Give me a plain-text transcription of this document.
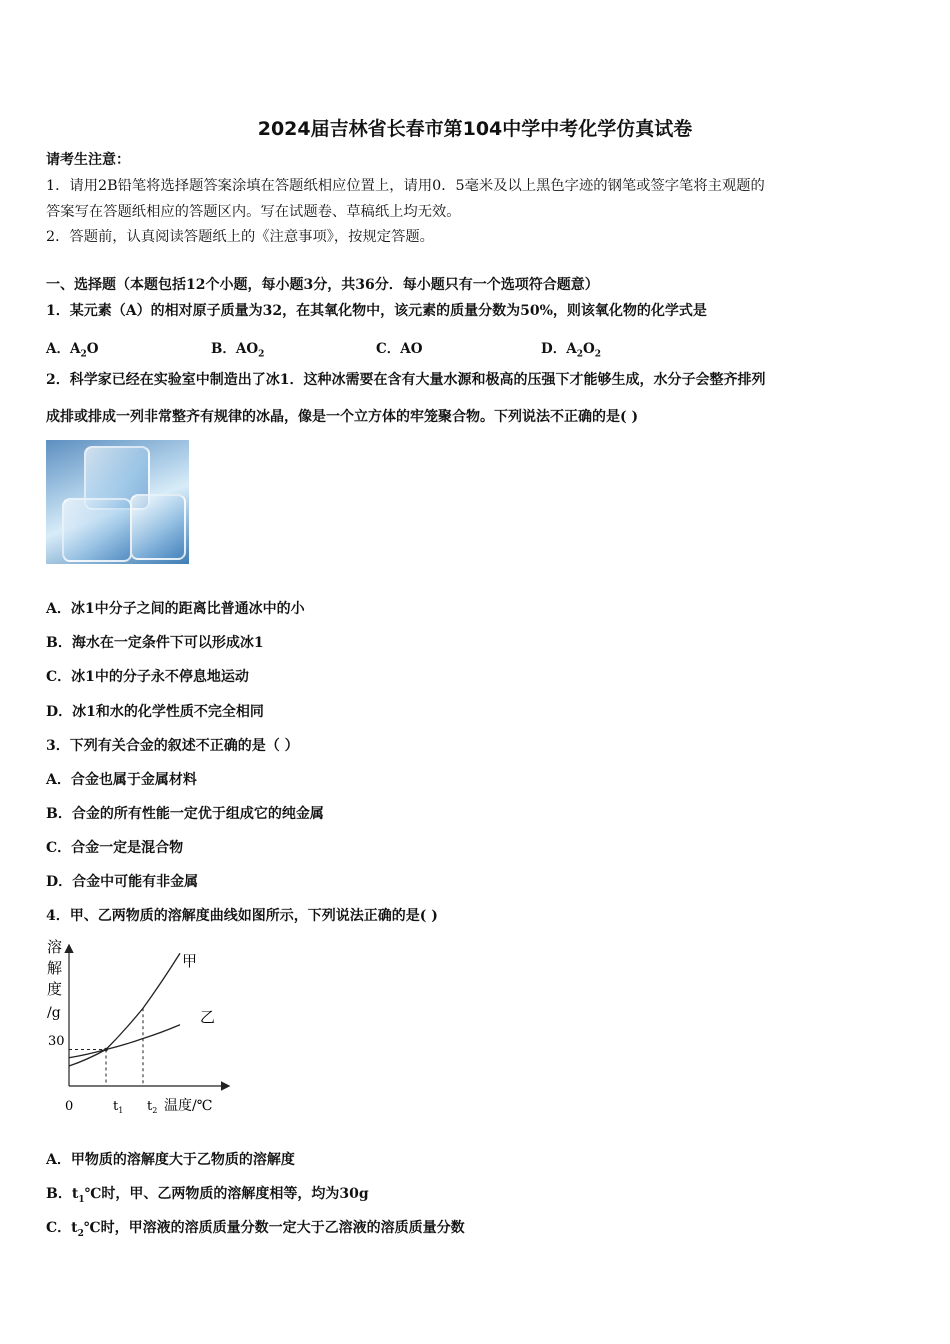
2024届吉林省长春市第104中学中考化学仿真试卷
请考生注意：
1．请用2B铅笔将选择题答案涂填在答题纸相应位置上，请用0．5毫米及以上黑色字迹的钢笔或签字笔将主观题的
答案写在答题纸相应的答题区内。写在试题卷、草稿纸上均无效。
2．答题前，认真阅读答题纸上的《注意事项》，按规定答题。
一、选择题（本题包括12个小题，每小题3分，共36分．每小题只有一个选项符合题意）
1．某元素（A）的相对原子质量为32，在其氧化物中，该元素的质量分数为50%，则该氧化物的化学式是
A．$A_2O$	B．$AO_2$	C．AO	D．$A_2O_2$
2．科学家已经在实验室中制造出了冰1．这种冰需要在含有大量水源和极高的压强下才能够生成，水分子会整齐排列
成排或排成一列非常整齐有规律的冰晶，像是一个立方体的牢笼聚合物。下列说法不正确的是( )
A．冰1中分子之间的距离比普通冰中的小
B．海水在一定条件下可以形成冰1
C．冰1中的分子永不停息地运动
D．冰1和水的化学性质不完全相同
3．下列有关合金的叙述不正确的是（ ）
A．合金也属于金属材料
B．合金的所有性能一定优于组成它的纯金属
C．合金一定是混合物
D．合金中可能有非金属
4．甲、乙两物质的溶解度曲线如图所示，下列说法正确的是( )
溶
解
度
/g
30
0	$t_1$ $t_2$ 温度/℃
甲
乙
A．甲物质的溶解度大于乙物质的溶解度
B．$t_1℃$时，甲、乙两物质的溶解度相等，均为30g
C．$t_2℃$时，甲溶液的溶质质量分数一定大于乙溶液的溶质质量分数
